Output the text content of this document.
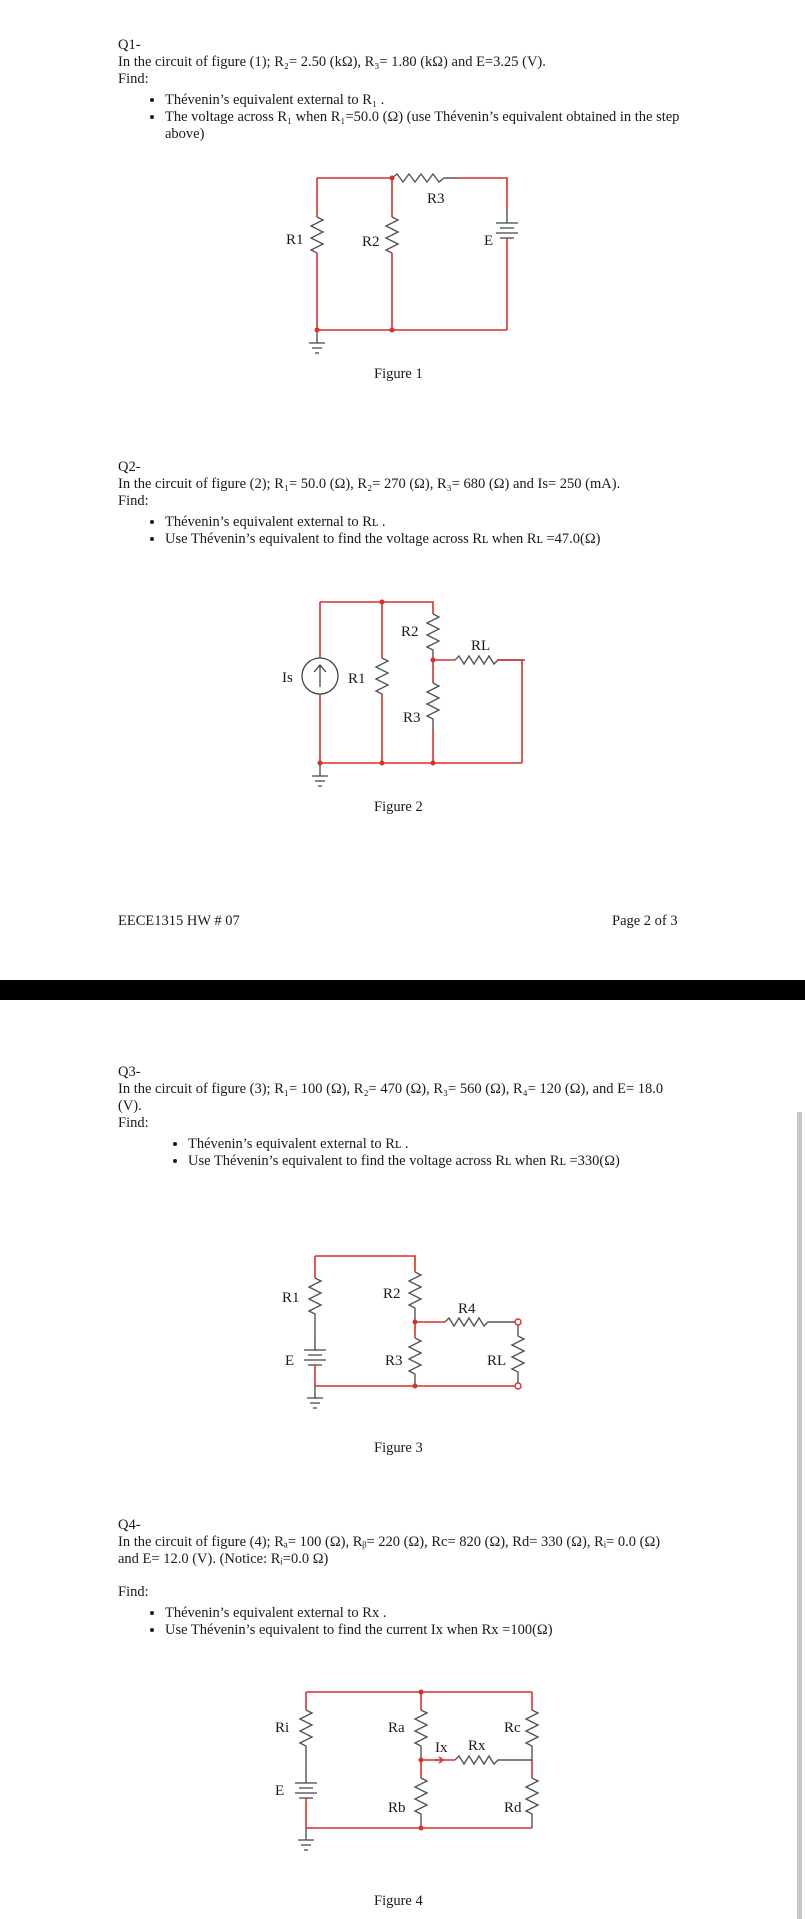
Q1-

In the circuit of figure (1); R₂= 2.50 (kΩ), R₃= 1.80 (kΩ) and E=3.25 (V).

Find:

• Thévenin’s equivalent external to R₁ .
• The voltage across R₁ when R₁=50.0 (Ω) (use Thévenin’s equivalent obtained in the step above)
R1	R2
R3
E
Figure 1

Q2-

In the circuit of figure (2); R₁= 50.0 (Ω), R₂= 270 (Ω), R₃= 680 (Ω) and Is= 250 (mA).

Find:

• Thévenin’s equivalent external to Rʟ .
• Use Thévenin’s equivalent to find the voltage across Rʟ when Rʟ =47.0(Ω)
Is	R1
R2
R3
RL
Figure 2
EECE1315 HW # 07	Page 2 of 3

Q3-

In the circuit of figure (3); R₁= 100 (Ω), R₂= 470 (Ω), R₃= 560 (Ω), R₄= 120 (Ω), and E= 18.0 (V).

Find:

• Thévenin’s equivalent external to Rʟ .
• Use Thévenin’s equivalent to find the voltage across Rʟ when Rʟ =330(Ω)
R1	R2
R3
R4
RL
E
Figure 3

Q4-

In the circuit of figure (4); Rₐ= 100 (Ω), Rᵦ= 220 (Ω), Rc= 820 (Ω), Rd= 330 (Ω), Rᵢ= 0.0 (Ω) and E= 12.0 (V). (Notice: Rᵢ=0.0 Ω)

Find:

• Thévenin’s equivalent external to Rx .
• Use Thévenin’s equivalent to find the current Ix when Rx =100(Ω)
Ri	Ra
Rb
Rc
Rd
Rx
Ix
E
Figure 4
